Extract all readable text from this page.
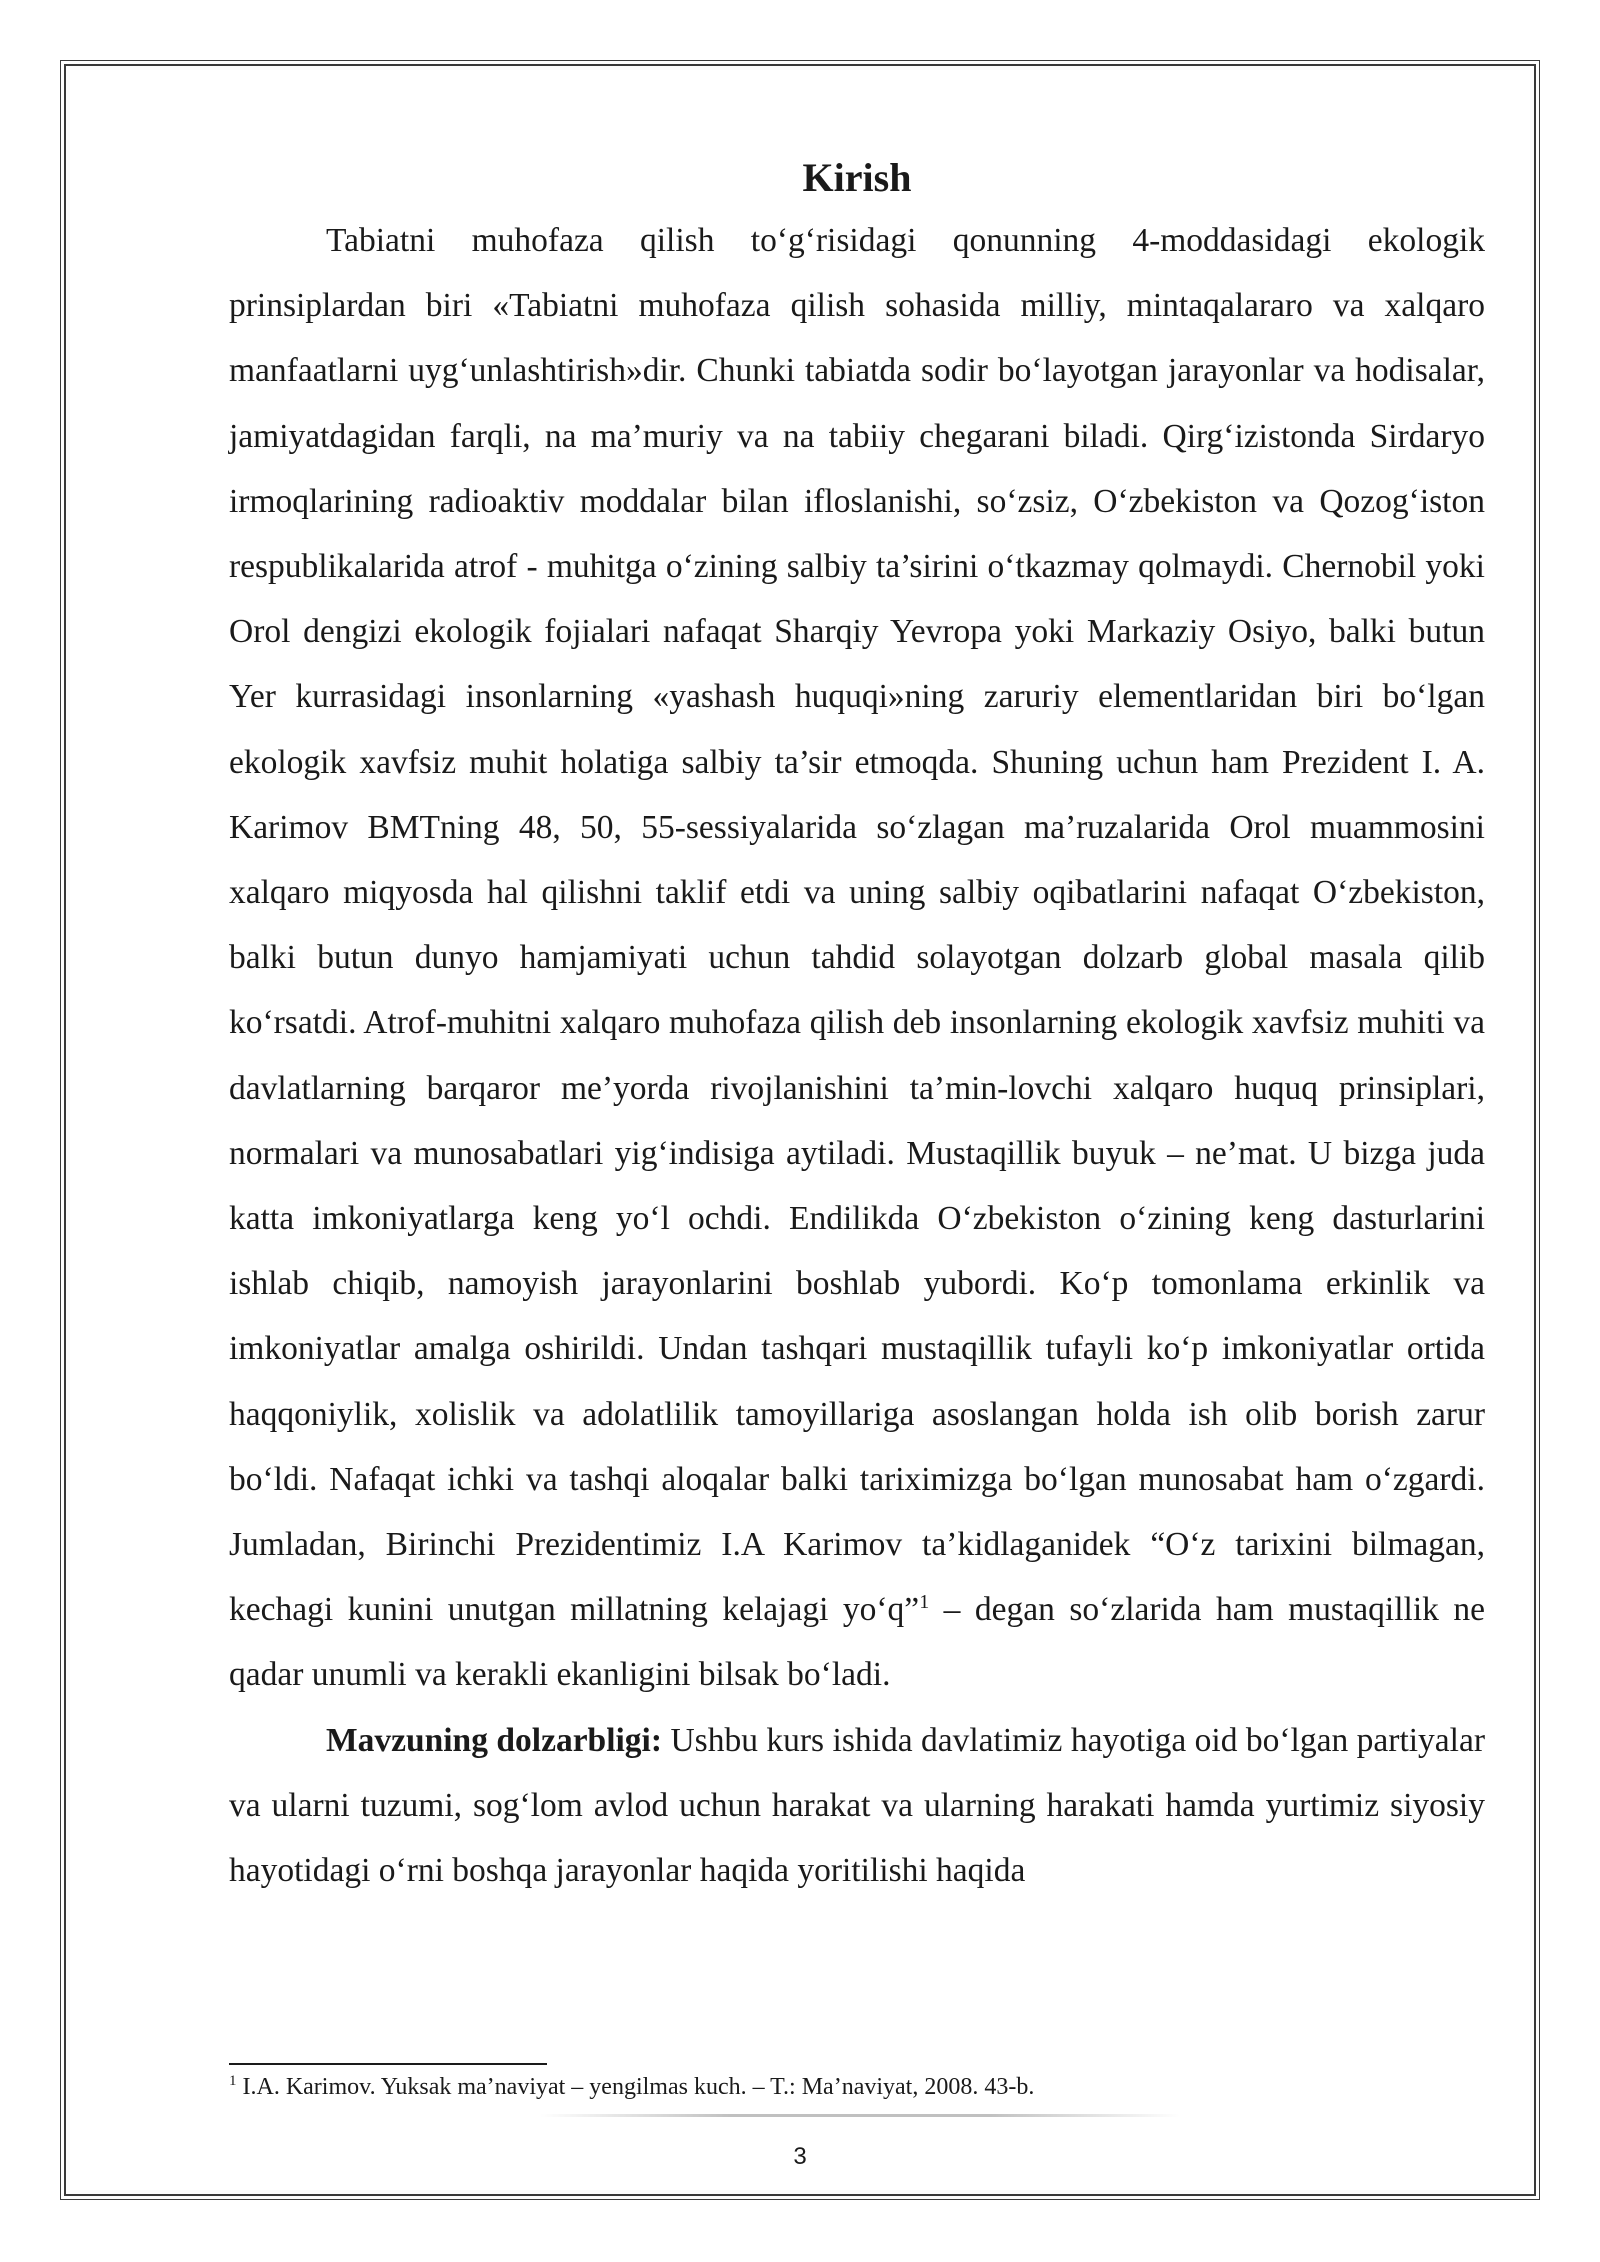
Kirish

Tabiatni muhofaza qilish to‘g‘risidagi qonunning 4-moddasidagi ekologik prinsiplardan biri «Tabiatni muhofaza qilish sohasida milliy, mintaqalararo va xalqaro manfaatlarni uyg‘unlashtirish»dir. Chunki tabiatda sodir bo‘layotgan jarayonlar va hodisalar, jamiyatdagidan farqli, na ma’muriy va na tabiiy chegarani biladi. Qirg‘izistonda Sirdaryo irmoqlarining radioaktiv moddalar bilan ifloslanishi, so‘zsiz, O‘zbekiston va Qozog‘iston respublikalarida atrof - muhitga o‘zining salbiy ta’sirini o‘tkazmay qolmaydi. Chernobil yoki Orol dengizi ekologik fojialari nafaqat Sharqiy Yevropa yoki Markaziy Osiyo, balki butun Yer kurrasidagi insonlarning «yashash huquqi»ning zaruriy elementlaridan biri bo‘lgan ekologik xavfsiz muhit holatiga salbiy ta’sir etmoqda. Shuning uchun ham Prezident I. A. Karimov BMTning 48, 50, 55-sessiyalarida so‘zlagan ma’ruzalarida Orol muammosini xalqaro miqyosda hal qilishni taklif etdi va uning salbiy oqibatlarini nafaqat O‘zbekiston, balki butun dunyo hamjamiyati uchun tahdid solayotgan dolzarb global masala qilib ko‘rsatdi. Atrof-muhitni xalqaro muhofaza qilish deb insonlarning ekologik xavfsiz muhiti va davlatlarning barqaror me’yorda rivojlanishini ta’min-lovchi xalqaro huquq prinsiplari, normalari va munosabatlari yig‘indisiga aytiladi. Mustaqillik buyuk – ne’mat. U bizga juda katta imkoniyatlarga keng yo‘l ochdi. Endilikda O‘zbekiston o‘zining keng dasturlarini ishlab chiqib, namoyish jarayonlarini boshlab yubordi. Ko‘p tomonlama erkinlik va imkoniyatlar amalga oshirildi. Undan tashqari mustaqillik tufayli ko‘p imkoniyatlar ortida haqqoniylik, xolislik va adolatlilik tamoyillariga asoslangan holda ish olib borish zarur bo‘ldi. Nafaqat ichki va tashqi aloqalar balki tariximizga bo‘lgan munosabat ham o‘zgardi. Jumladan, Birinchi Prezidentimiz I.A Karimov ta’kidlaganidek “O‘z tarixini bilmagan, kechagi kunini unutgan millatning kelajagi yo‘q”$^1$ – degan so‘zlarida ham mustaqillik ne qadar unumli va kerakli ekanligini bilsak bo‘ladi.

Mavzuning dolzarbligi: Ushbu kurs ishida davlatimiz hayotiga oid bo‘lgan partiyalar va ularni tuzumi, sog‘lom avlod uchun harakat va ularning harakati hamda yurtimiz siyosiy hayotidagi o‘rni boshqa jarayonlar haqida yoritilishi haqida

$^1$ I.A. Karimov. Yuksak ma’naviyat – yengilmas kuch. – T.: Ma’naviyat, 2008. 43-b.
3
